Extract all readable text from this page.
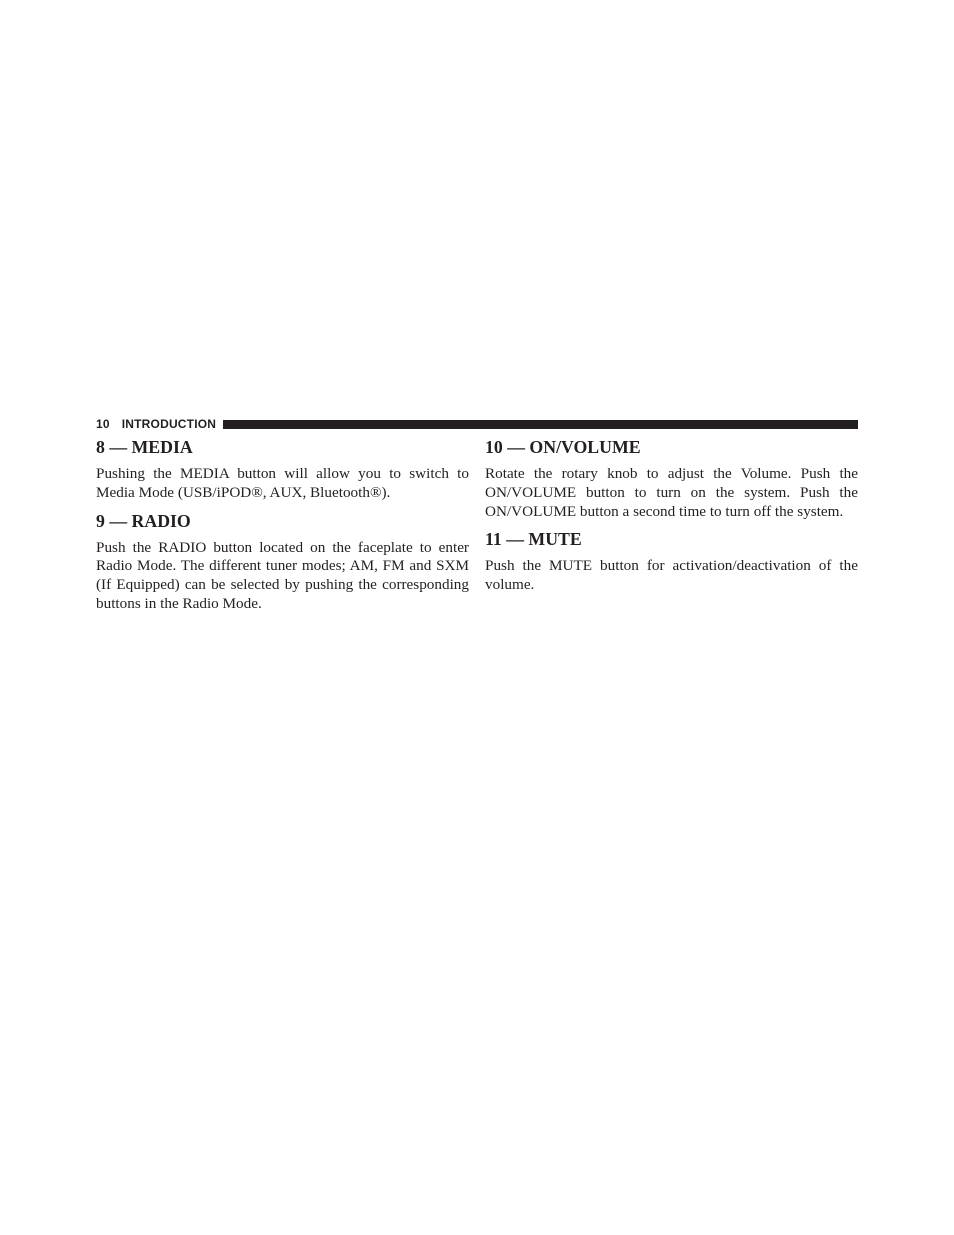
10 INTRODUCTION
8 — MEDIA

Pushing the MEDIA button will allow you to switch to Media Mode (USB/iPOD®, AUX, Bluetooth®).

9 — RADIO

Push the RADIO button located on the faceplate to enter Radio Mode. The different tuner modes; AM, FM and SXM (If Equipped) can be selected by pushing the corresponding buttons in the Radio Mode.

10 — ON/VOLUME

Rotate the rotary knob to adjust the Volume. Push the ON/VOLUME button to turn on the system. Push the ON/VOLUME button a second time to turn off the system.

11 — MUTE

Push the MUTE button for activation/deactivation of the volume.
